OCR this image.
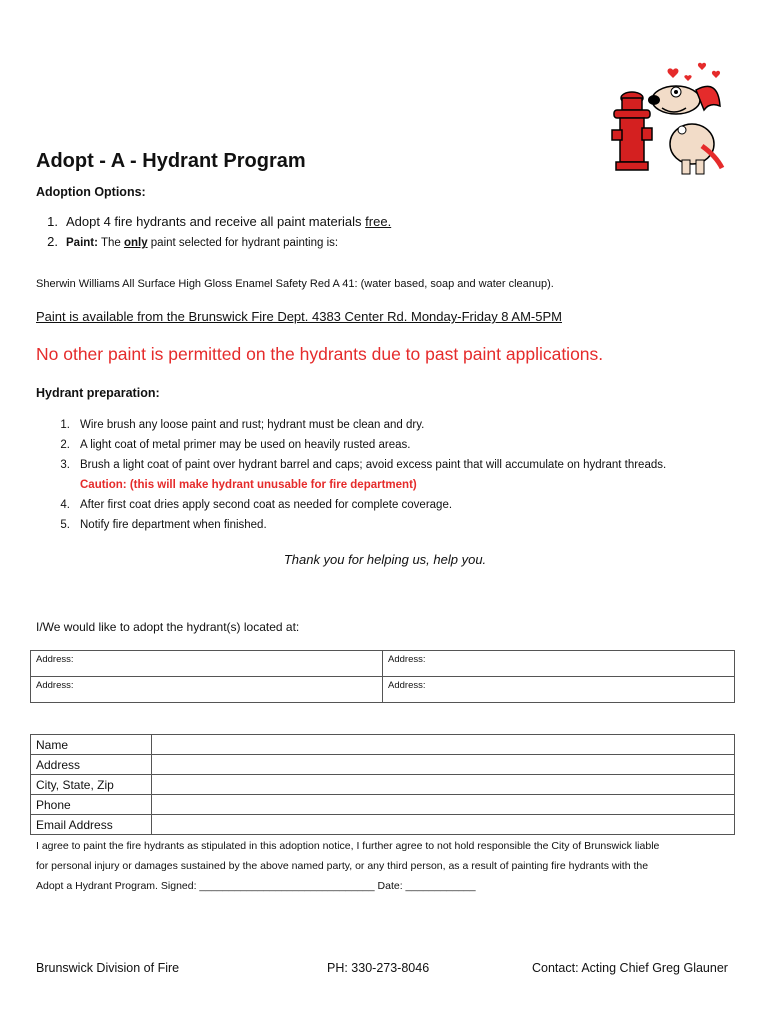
Adopt - A - Hydrant Program
Adoption Options:
1. Adopt 4 fire hydrants and receive all paint materials free.
2. Paint: The only paint selected for hydrant painting is:
Sherwin Williams All Surface High Gloss Enamel Safety Red A 41: (water based, soap and water cleanup).
Paint is available from the Brunswick Fire Dept. 4383 Center Rd. Monday-Friday 8 AM-5PM
No other paint is permitted on the hydrants due to past paint applications.
Hydrant preparation:
1. Wire brush any loose paint and rust; hydrant must be clean and dry.
2. A light coat of metal primer may be used on heavily rusted areas.
3. Brush a light coat of paint over hydrant barrel and caps; avoid excess paint that will accumulate on hydrant threads.
Caution: (this will make hydrant unusable for fire department)
4. After first coat dries apply second coat as needed for complete coverage.
5. Notify fire department when finished.
Thank you for helping us, help you.
I/We would like to adopt the hydrant(s) located at:
Address:	Address:
Address:	Address:
Name	
Address	
City, State, Zip	
Phone	
Email Address	
I agree to paint the fire hydrants as stipulated in this adoption notice, I further agree to not hold responsible the City of Brunswick liable
for personal injury or damages sustained by the above named party, or any third person, as a result of painting fire hydrants with the
Adopt a Hydrant Program. Signed: ______________________________ Date: ____________
Brunswick Division of Fire	PH: 330-273-8046	Contact: Acting Chief Greg Glauner
